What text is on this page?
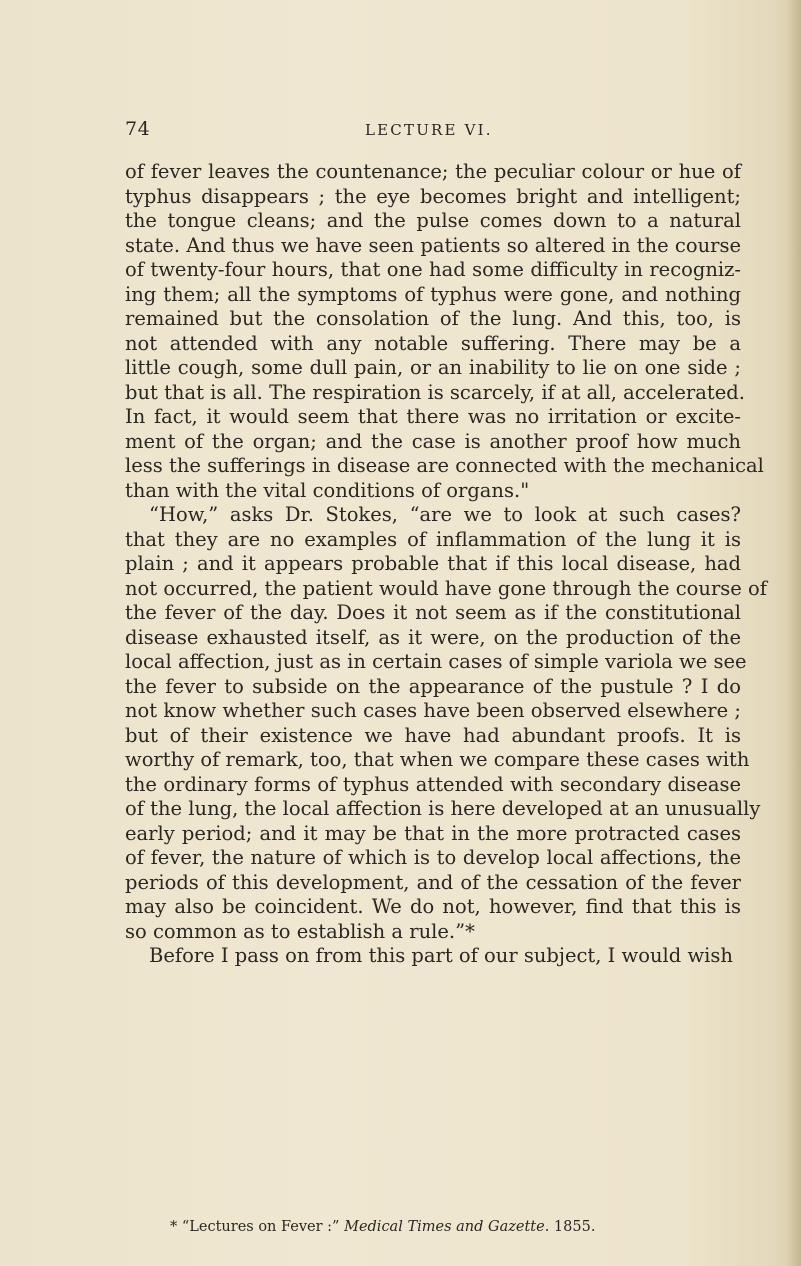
74	LECTURE VI.
of fever leaves the countenance; the peculiar colour or hue of
typhus disappears ; the eye becomes bright and intelligent;
the tongue cleans; and the pulse comes down to a natural
state. And thus we have seen patients so altered in the course
of twenty-four hours, that one had some difficulty in recogniz-
ing them; all the symptoms of typhus were gone, and nothing
remained but the consolation of the lung. And this, too, is
not attended with any notable suffering. There may be a
little cough, some dull pain, or an inability to lie on one side ;
but that is all. The respiration is scarcely, if at all, accelerated.
In fact, it would seem that there was no irritation or excite-
ment of the organ; and the case is another proof how much
less the sufferings in disease are connected with the mechanical
than with the vital conditions of organs."
“How,” asks Dr. Stokes, “are we to look at such cases?
that they are no examples of inflammation of the lung it is
plain ; and it appears probable that if this local disease, had
not occurred, the patient would have gone through the course of
the fever of the day. Does it not seem as if the constitutional
disease exhausted itself, as it were, on the production of the
local affection, just as in certain cases of simple variola we see
the fever to subside on the appearance of the pustule ? I do
not know whether such cases have been observed elsewhere ;
but of their existence we have had abundant proofs. It is
worthy of remark, too, that when we compare these cases with
the ordinary forms of typhus attended with secondary disease
of the lung, the local affection is here developed at an unusually
early period; and it may be that in the more protracted cases
of fever, the nature of which is to develop local affections, the
periods of this development, and of the cessation of the fever
may also be coincident. We do not, however, find that this is
so common as to establish a rule.”*
Before I pass on from this part of our subject, I would wish
* “Lectures on Fever :” Medical Times and Gazette. 1855.
